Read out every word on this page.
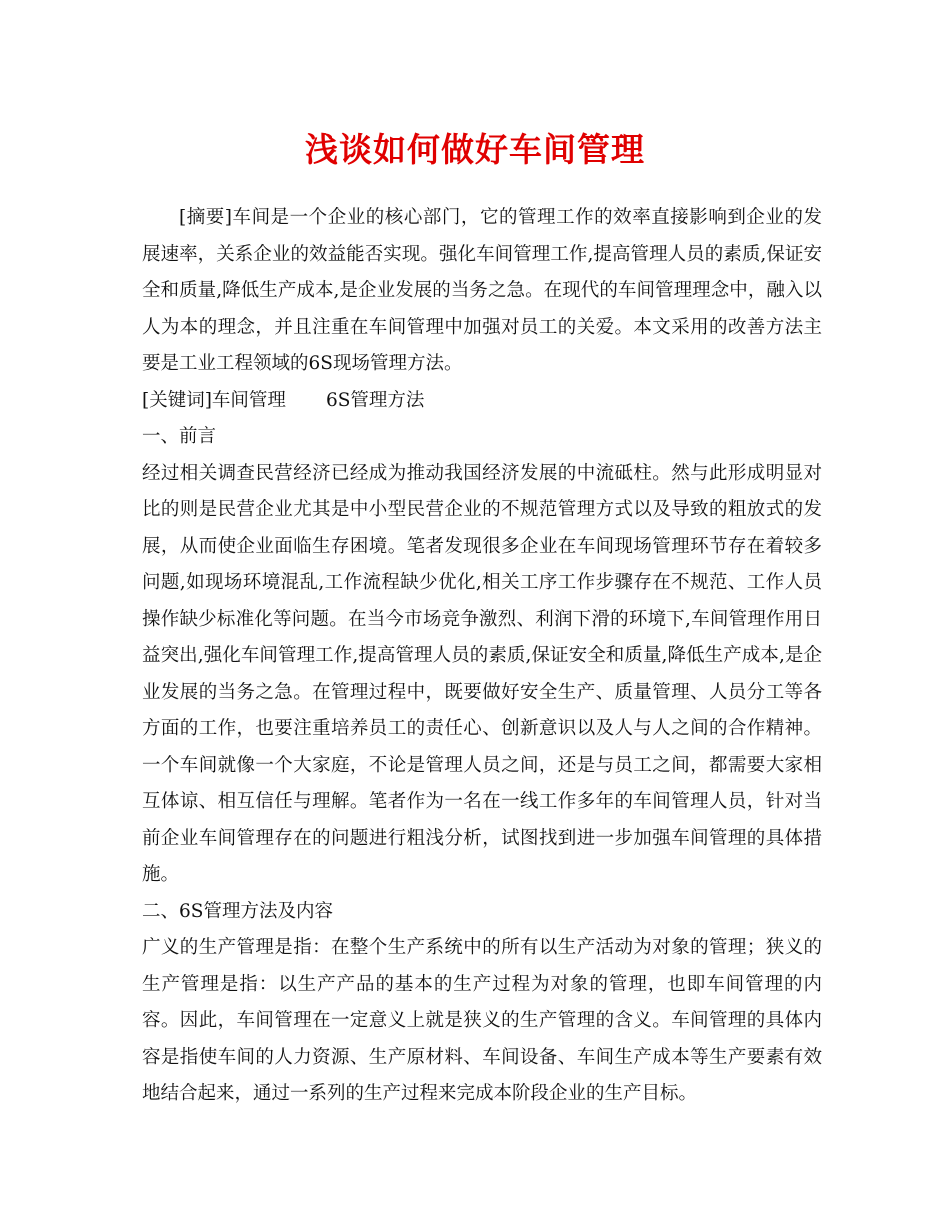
浅谈如何做好车间管理

[摘要]车间是一个企业的核心部门，它的管理工作的效率直接影响到企业的发展速率，关系企业的效益能否实现。强化车间管理工作,提高管理人员的素质,保证安全和质量,降低生产成本,是企业发展的当务之急。在现代的车间管理理念中，融入以人为本的理念，并且注重在车间管理中加强对员工的关爱。本文采用的改善方法主要是工业工程领域的6S现场管理方法。

[关键词]车间管理 6S管理方法

一、前言

经过相关调查民营经济已经成为推动我国经济发展的中流砥柱。然与此形成明显对比的则是民营企业尤其是中小型民营企业的不规范管理方式以及导致的粗放式的发展，从而使企业面临生存困境。笔者发现很多企业在车间现场管理环节存在着较多问题,如现场环境混乱,工作流程缺少优化,相关工序工作步骤存在不规范、工作人员操作缺少标准化等问题。在当今市场竞争激烈、利润下滑的环境下,车间管理作用日益突出,强化车间管理工作,提高管理人员的素质,保证安全和质量,降低生产成本,是企业发展的当务之急。在管理过程中，既要做好安全生产、质量管理、人员分工等各方面的工作，也要注重培养员工的责任心、创新意识以及人与人之间的合作精神。一个车间就像一个大家庭，不论是管理人员之间，还是与员工之间，都需要大家相互体谅、相互信任与理解。笔者作为一名在一线工作多年的车间管理人员，针对当前企业车间管理存在的问题进行粗浅分析，试图找到进一步加强车间管理的具体措施。

二、6S管理方法及内容

广义的生产管理是指：在整个生产系统中的所有以生产活动为对象的管理；狭义的生产管理是指：以生产产品的基本的生产过程为对象的管理，也即车间管理的内容。因此，车间管理在一定意义上就是狭义的生产管理的含义。车间管理的具体内容是指使车间的人力资源、生产原材料、车间设备、车间生产成本等生产要素有效地结合起来，通过一系列的生产过程来完成本阶段企业的生产目标。
